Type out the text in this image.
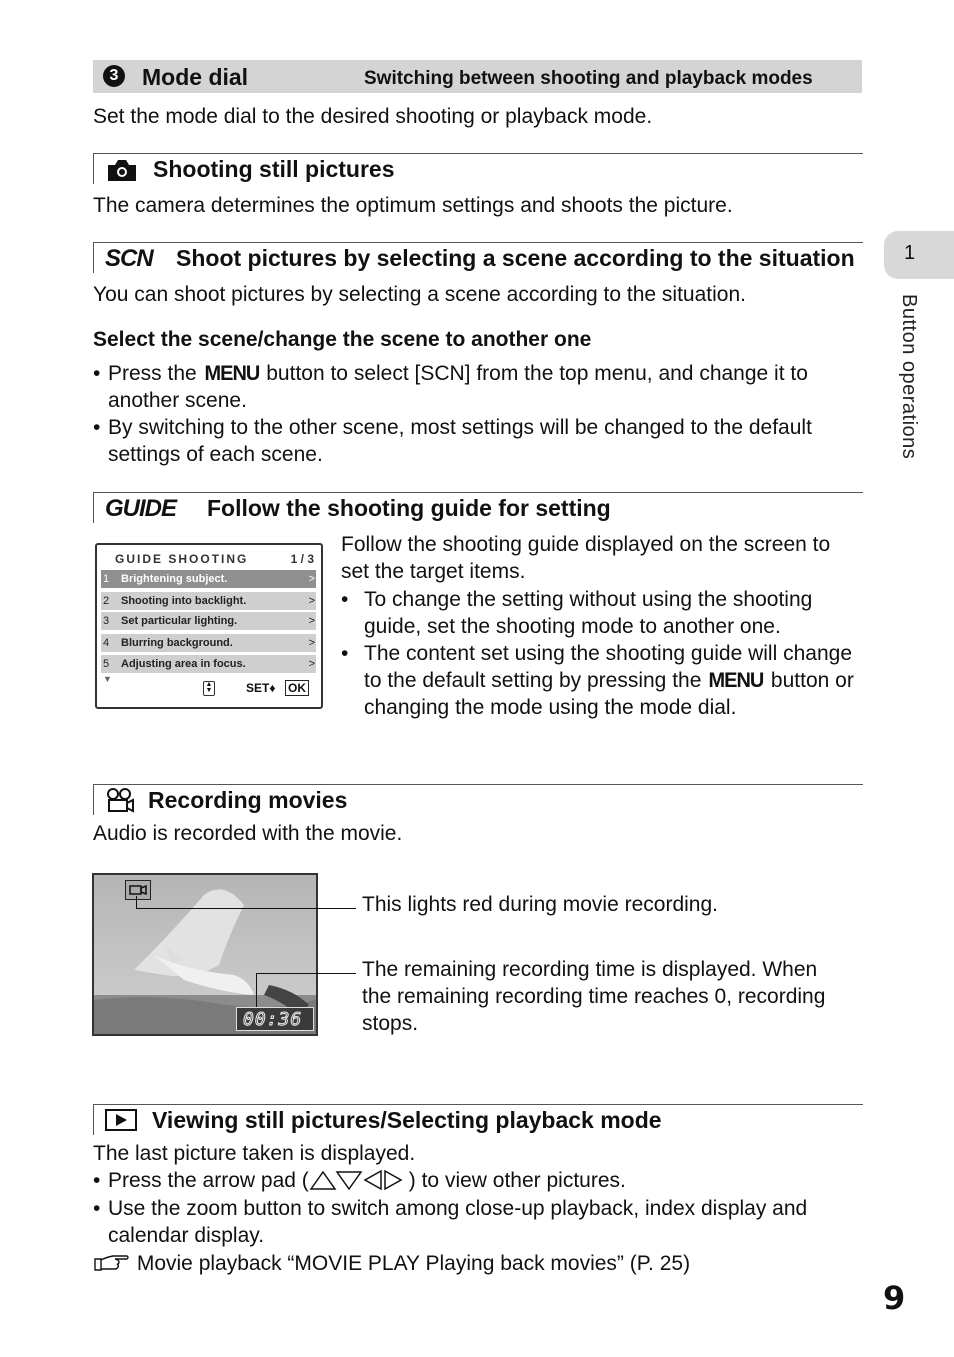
3 Mode dial	Switching between shooting and playback modes
Set the mode dial to the desired shooting or playback mode.
Shooting still pictures
The camera determines the optimum settings and shoots the picture.
SCN Shoot pictures by selecting a scene according to the situation
You can shoot pictures by selecting a scene according to the situation.
Select the scene/change the scene to another one
• Press the MENU button to select [SCN] from the top menu, and change it to another scene.
• By switching to the other scene, most settings will be changed to the default settings of each scene.
GUIDE Follow the shooting guide for setting
GUIDE SHOOTING	1 / 3
1 Brightening subject.	>
2 Shooting into backlight.	>
3 Set particular lighting.	>
4 Blurring background.	>
5 Adjusting area in focus.	>
▼
▲
▼	SET♦ OK
Follow the shooting guide displayed on the screen to set the target items.
• To change the setting without using the shooting guide, set the shooting mode to another one.
• The content set using the shooting guide will change to the default setting by pressing the MENU button or changing the mode using the mode dial.
Recording movies
Audio is recorded with the movie.
00:36
This lights red during movie recording.
The remaining recording time is displayed. When the remaining recording time reaches 0, recording stops.
Viewing still pictures/Selecting playback mode
The last picture taken is displayed.
• Press the arrow pad (	) to view other pictures.
• Use the zoom button to switch among close-up playback, index display and calendar display.
Movie playback “MOVIE PLAY Playing back movies” (P. 25)
1
Button operations
9
